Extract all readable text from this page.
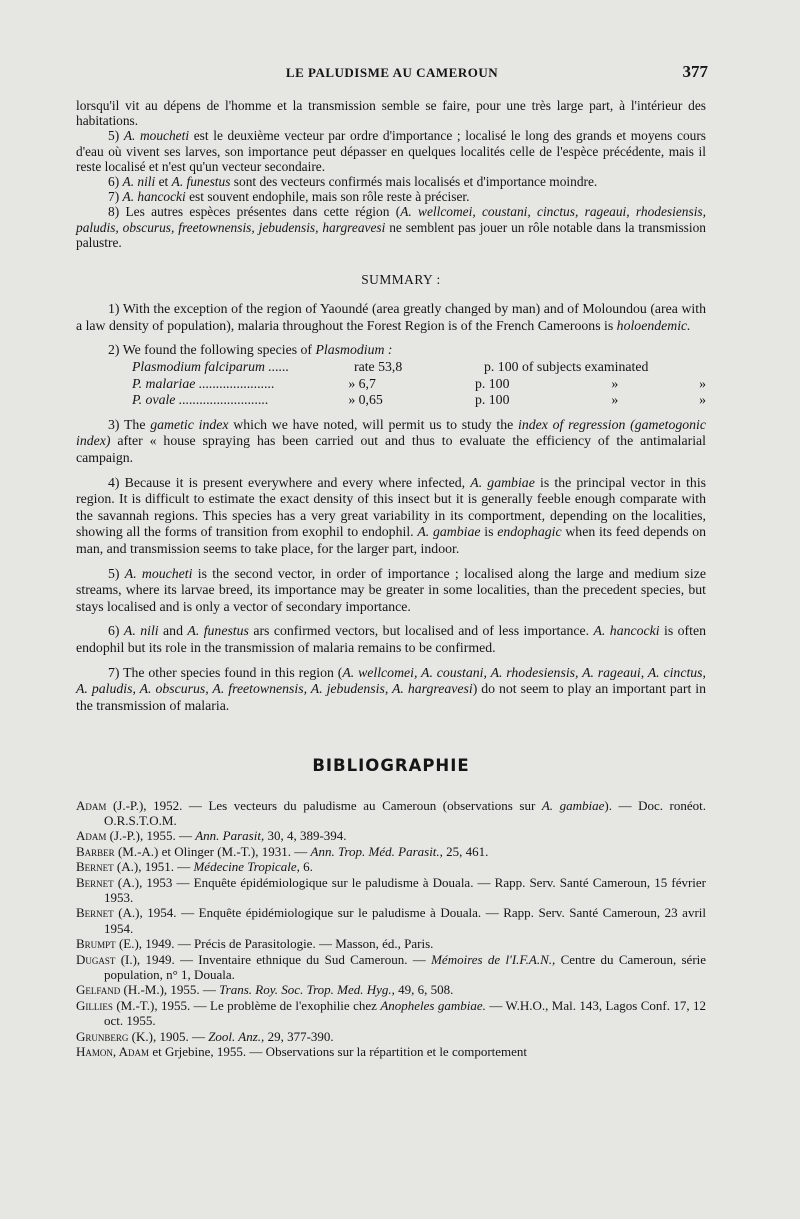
LE PALUDISME AU CAMEROUN	377

lorsqu'il vit au dépens de l'homme et la transmission semble se faire, pour une très large part, à l'intérieur des habitations.

5) A. moucheti est le deuxième vecteur par ordre d'importance ; localisé le long des grands et moyens cours d'eau où vivent ses larves, son importance peut dépasser en quelques localités celle de l'espèce précédente, mais il reste localisé et n'est qu'un vecteur secondaire.

6) A. nili et A. funestus sont des vecteurs confirmés mais localisés et d'importance moindre.

7) A. hancocki est souvent endophile, mais son rôle reste à préciser.

8) Les autres espèces présentes dans cette région (A. wellcomei, coustani, cinctus, rageaui, rhodesiensis, paludis, obscurus, freetownensis, jebudensis, hargreavesi ne semblent pas jouer un rôle notable dans la transmission palustre.

SUMMARY :

1) With the exception of the region of Yaoundé (area greatly changed by man) and of Moloundou (area with a law density of population), malaria throughout the Forest Region is of the French Cameroons is holoendemic.

2) We found the following species of Plasmodium :

Plasmodium falciparum ......	rate 53,8	p. 100 of subjects examinated
P. malariae ......................	» 6,7	p. 100	»	»
P. ovale ..........................	» 0,65	p. 100	»	»

3) The gametic index which we have noted, will permit us to study the index of regression (gametogonic index) after « house spraying has been carried out and thus to evaluate the efficiency of the antimalarial campaign.

4) Because it is present everywhere and every where infected, A. gambiae is the principal vector in this region. It is difficult to estimate the exact density of this insect but it is generally feeble enough comparate with the savannah regions. This species has a very great variability in its comportment, depending on the localities, showing all the forms of transition from exophil to endophil. A. gambiae is endophagic when its feed depends on man, and transmission seems to take place, for the larger part, indoor.

5) A. moucheti is the second vector, in order of importance ; localised along the large and medium size streams, where its larvae breed, its importance may be greater in some localities, than the precedent species, but stays localised and is only a vector of secondary importance.

6) A. nili and A. funestus ars confirmed vectors, but localised and of less importance. A. hancocki is often endophil but its role in the transmission of malaria remains to be confirmed.

7) The other species found in this region (A. wellcomei, A. coustani, A. rhodesiensis, A. rageaui, A. cinctus, A. paludis, A. obscurus, A. freetownensis, A. jebudensis, A. hargreavesi) do not seem to play an important part in the transmission of malaria.

BIBLIOGRAPHIE

Adam (J.-P.), 1952. — Les vecteurs du paludisme au Cameroun (observations sur A. gambiae). — Doc. ronéot. O.R.S.T.O.M.

Adam (J.-P.), 1955. — Ann. Parasit, 30, 4, 389-394.

Barber (M.-A.) et Olinger (M.-T.), 1931. — Ann. Trop. Méd. Parasit., 25, 461.

Bernet (A.), 1951. — Médecine Tropicale, 6.

Bernet (A.), 1953 — Enquête épidémiologique sur le paludisme à Douala. — Rapp. Serv. Santé Cameroun, 15 février 1953.

Bernet (A.), 1954. — Enquête épidémiologique sur le paludisme à Douala. — Rapp. Serv. Santé Cameroun, 23 avril 1954.

Brumpt (E.), 1949. — Précis de Parasitologie. — Masson, éd., Paris.

Dugast (I.), 1949. — Inventaire ethnique du Sud Cameroun. — Mémoires de l'I.F.A.N., Centre du Cameroun, série population, n° 1, Douala.

Gelfand (H.-M.), 1955. — Trans. Roy. Soc. Trop. Med. Hyg., 49, 6, 508.

Gillies (M.-T.), 1955. — Le problème de l'exophilie chez Anopheles gambiae. — W.H.O., Mal. 143, Lagos Conf. 17, 12 oct. 1955.

Grunberg (K.), 1905. — Zool. Anz., 29, 377-390.

Hamon, Adam et Grjebine, 1955. — Observations sur la répartition et le comportement
